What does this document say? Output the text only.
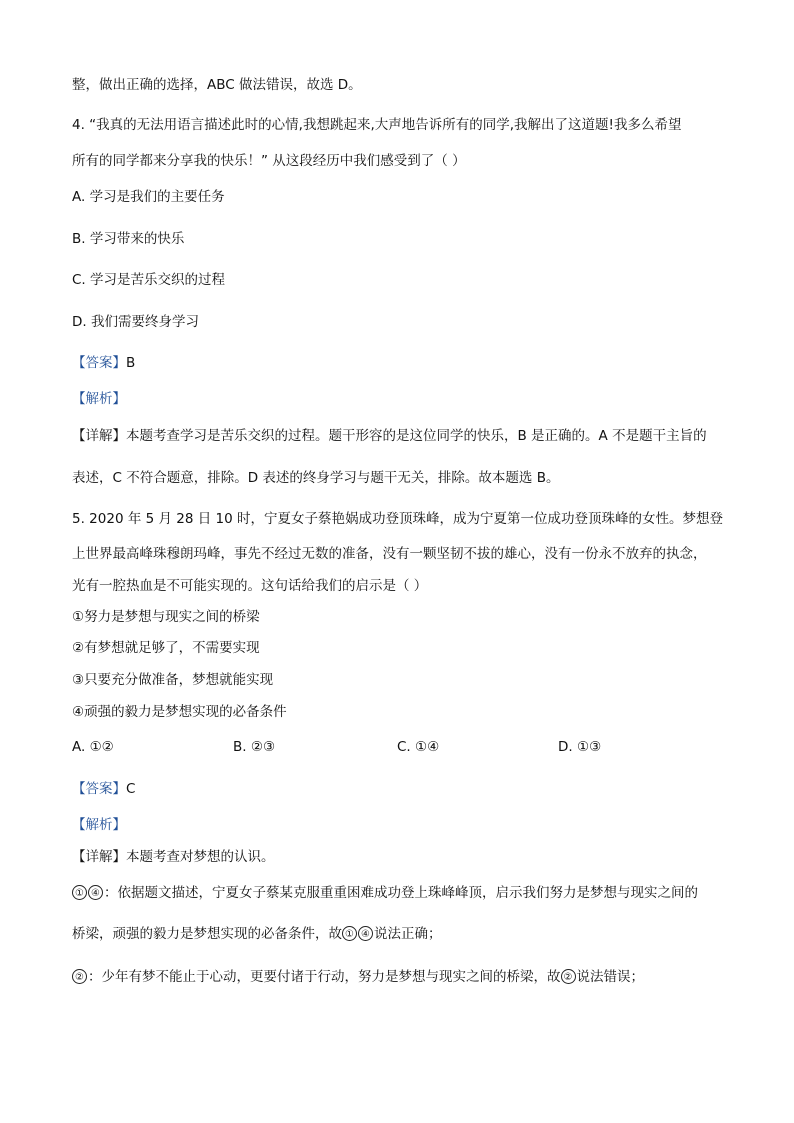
整，做出正确的选择，ABC 做法错误，故选 D。
4. “我真的无法用语言描述此时的心情,我想跳起来,大声地告诉所有的同学,我解出了这道题!我多么希望
所有的同学都来分享我的快乐！” 从这段经历中我们感受到了（ ）
A. 学习是我们的主要任务
B. 学习带来的快乐
C. 学习是苦乐交织的过程
D. 我们需要终身学习
【答案】B
【解析】
【详解】本题考查学习是苦乐交织的过程。题干形容的是这位同学的快乐，B 是正确的。A 不是题干主旨的
表述，C 不符合题意，排除。D 表述的终身学习与题干无关，排除。故本题选 B。
5. 2020 年 5 月 28 日 10 时，宁夏女子蔡艳娲成功登顶珠峰，成为宁夏第一位成功登顶珠峰的女性。梦想登
上世界最高峰珠穆朗玛峰，事先不经过无数的准备，没有一颗坚韧不拔的雄心，没有一份永不放弃的执念，
光有一腔热血是不可能实现的。这句话给我们的启示是（ ）
①努力是梦想与现实之间的桥梁
②有梦想就足够了，不需要实现
③只要充分做准备，梦想就能实现
④顽强的毅力是梦想实现的必备条件
A. ①②	B. ②③	C. ①④	D. ①③
【答案】C
【解析】
【详解】本题考查对梦想的认识。
① ④ ：依据题文描述，宁夏女子蔡某克服重重困难成功登上珠峰峰顶，启示我们努力是梦想与现实之间的
桥梁，顽强的毅力是梦想实现的必备条件，故 ① ④ 说法正确；
② ：少年有梦不能止于心动，更要付诸于行动，努力是梦想与现实之间的桥梁，故 ② 说法错误；
